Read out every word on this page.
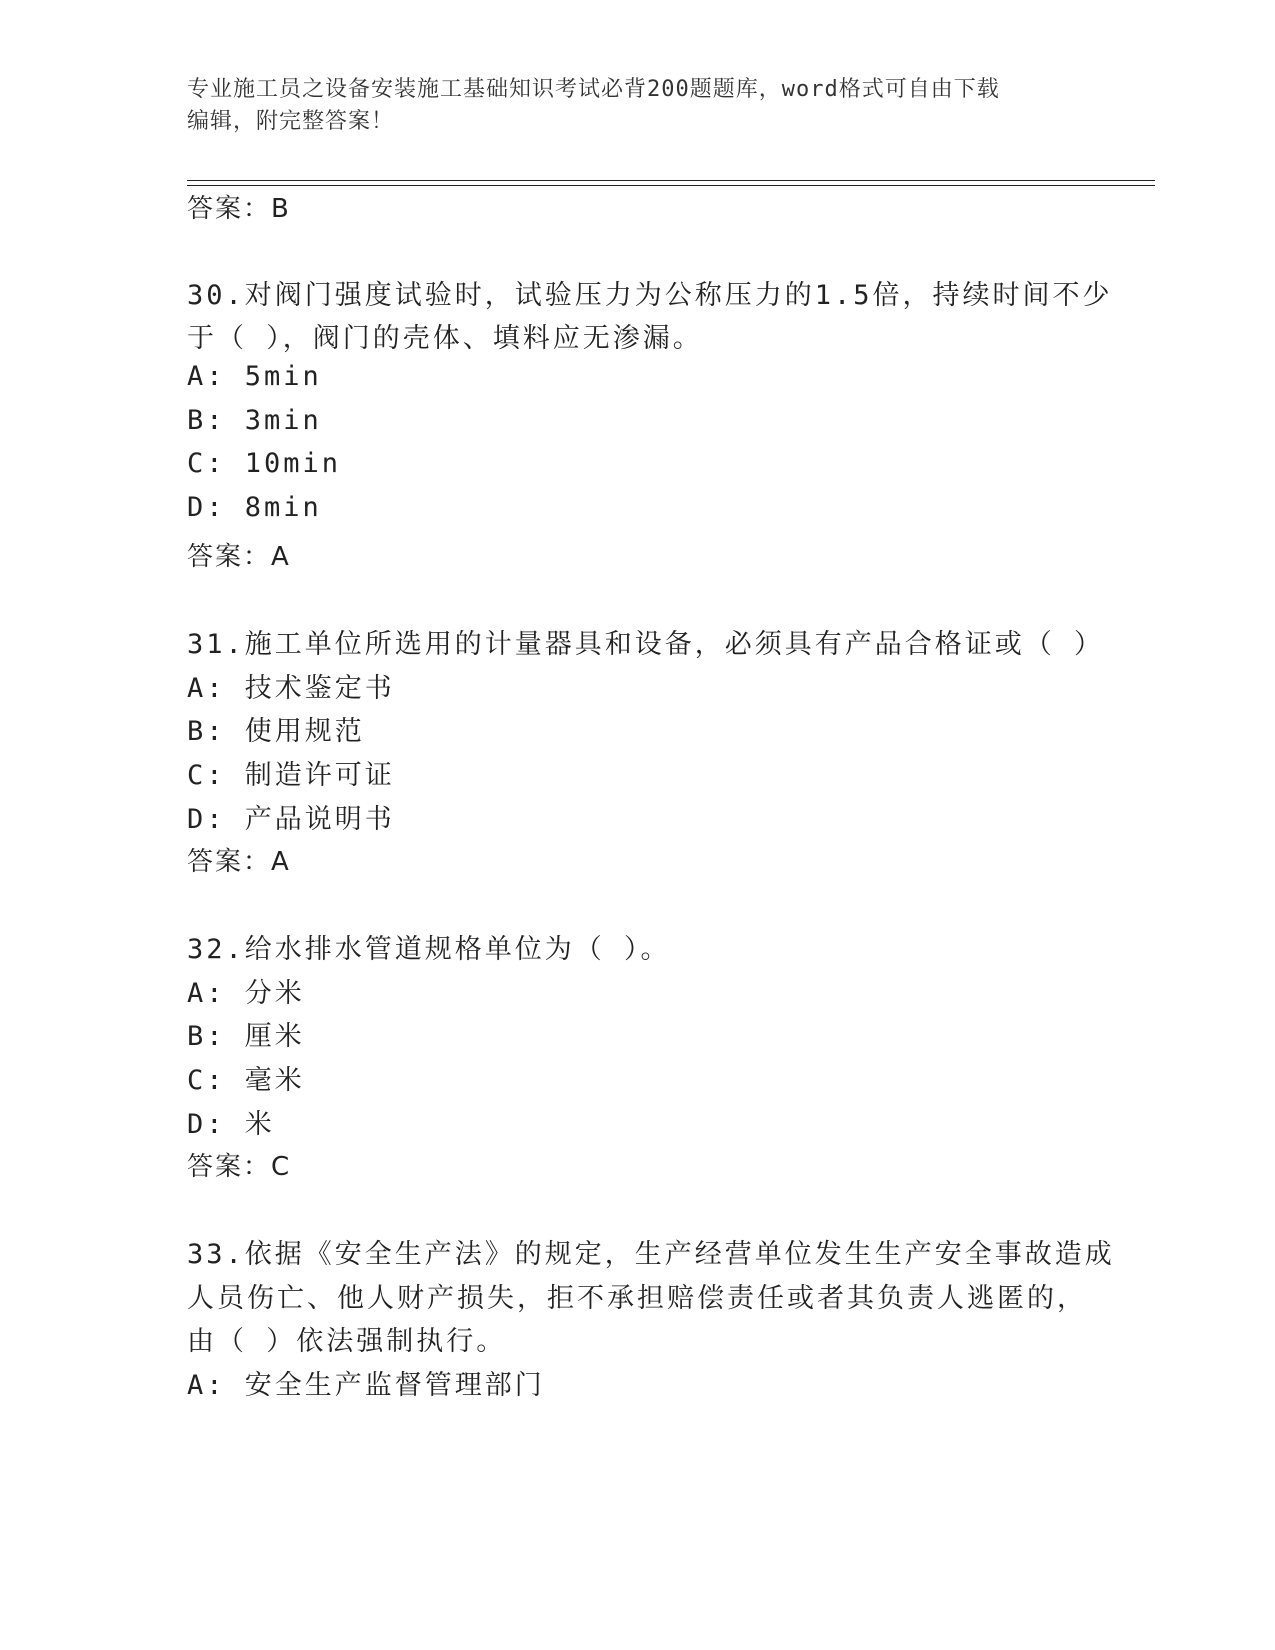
专业施工员之设备安装施工基础知识考试必背200题题库，word格式可自由下载
编辑，附完整答案！
答案：B
30.对阀门强度试验时，试验压力为公称压力的1.5倍，持续时间不少
于（ ），阀门的壳体、填料应无渗漏。
A: 5min
B: 3min
C: 10min
D: 8min
答案：A
31.施工单位所选用的计量器具和设备，必须具有产品合格证或（ ）
A: 技术鉴定书
B: 使用规范
C: 制造许可证
D: 产品说明书
答案：A
32.给水排水管道规格单位为（ ）。
A: 分米
B: 厘米
C: 毫米
D: 米
答案：C
33.依据《安全生产法》的规定，生产经营单位发生生产安全事故造成
人员伤亡、他人财产损失，拒不承担赔偿责任或者其负责人逃匿的，
由（ ）依法强制执行。
A: 安全生产监督管理部门
